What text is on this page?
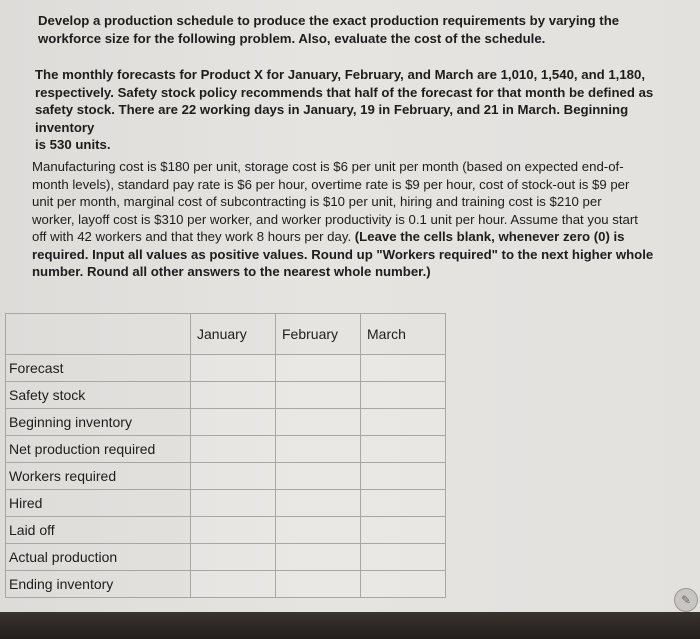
Develop a production schedule to produce the exact production requirements by varying the
workforce size for the following problem. Also, evaluate the cost of the schedule.
The monthly forecasts for Product X for January, February, and March are 1,010, 1,540, and 1,180,
respectively. Safety stock policy recommends that half of the forecast for that month be defined as
safety stock. There are 22 working days in January, 19 in February, and 21 in March. Beginning inventory
is 530 units.
Manufacturing cost is $180 per unit, storage cost is $6 per unit per month (based on expected end-of-
month levels), standard pay rate is $6 per hour, overtime rate is $9 per hour, cost of stock-out is $9 per
unit per month, marginal cost of subcontracting is $10 per unit, hiring and training cost is $210 per
worker, layoff cost is $310 per worker, and worker productivity is 0.1 unit per hour. Assume that you start
off with 42 workers and that they work 8 hours per day. (Leave the cells blank, whenever zero (0) is
required. Input all values as positive values. Round up "Workers required" to the next higher whole
number. Round all other answers to the nearest whole number.)
	January	February	March
Forecast			
Safety stock			
Beginning inventory			
Net production required			
Workers required			
Hired			
Laid off			
Actual production			
Ending inventory			
✎
